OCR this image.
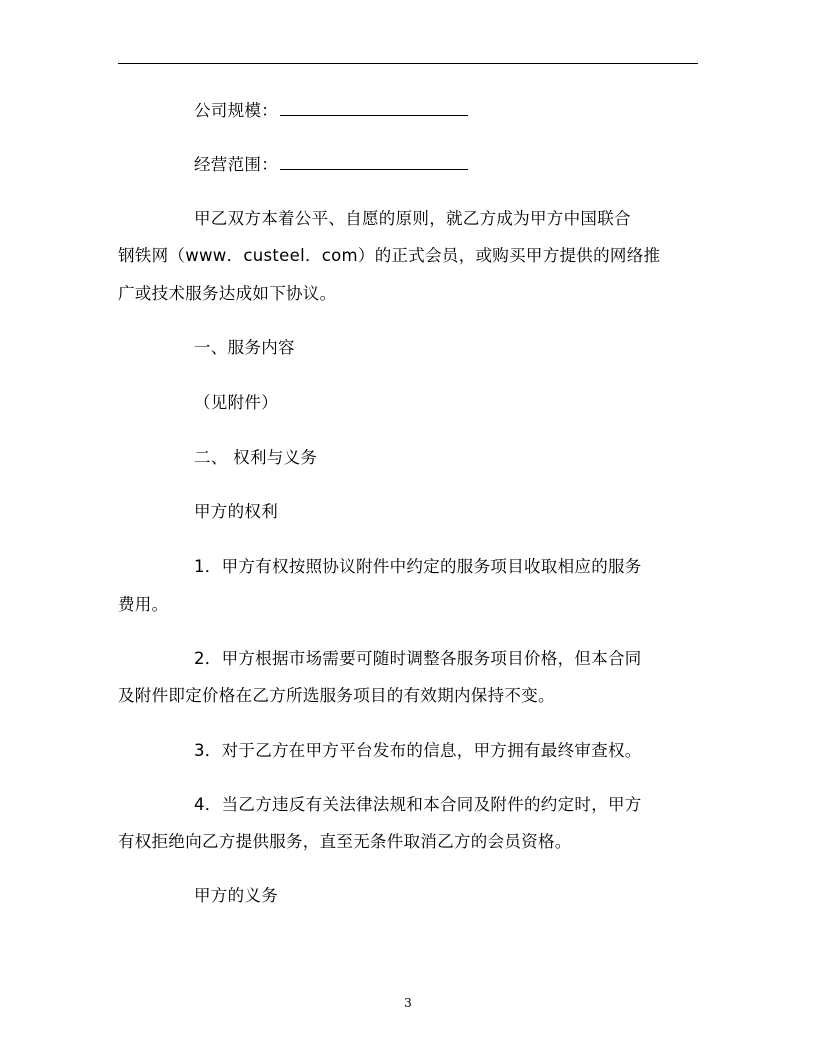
公司规模：
经营范围：
甲乙双方本着公平、自愿的原则，就乙方成为甲方中国联合
钢铁网（www．custeel．com）的正式会员，或购买甲方提供的网络推
广或技术服务达成如下协议。
一、服务内容
（见附件）
二、 权利与义务
甲方的权利
1．甲方有权按照协议附件中约定的服务项目收取相应的服务
费用。
2．甲方根据市场需要可随时调整各服务项目价格，但本合同
及附件即定价格在乙方所选服务项目的有效期内保持不变。
3．对于乙方在甲方平台发布的信息，甲方拥有最终审查权。
4．当乙方违反有关法律法规和本合同及附件的约定时，甲方
有权拒绝向乙方提供服务，直至无条件取消乙方的会员资格。
甲方的义务
3
